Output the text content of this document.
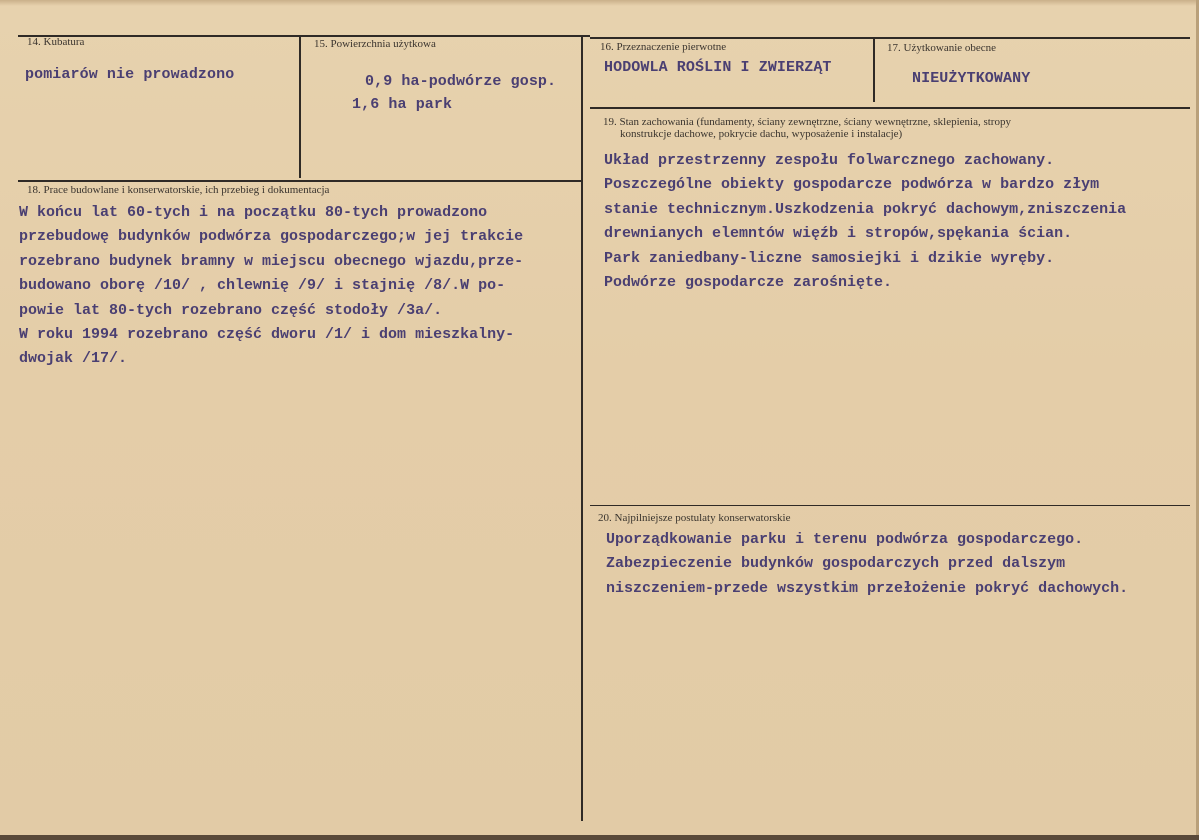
14. Kubatura
pomiarów nie prowadzono
15. Powierzchnia użytkowa
0,9 ha-podwórze gosp.
1,6 ha park
16. Przeznaczenie pierwotne
HODOWLA ROŚLIN I ZWIERZĄT
17. Użytkowanie obecne
NIEUŻYTKOWANY
18. Prace budowlane i konserwatorskie, ich przebieg i dokumentacja
W końcu lat 60-tych i na początku 80-tych prowadzono
przebudowę budynków podwórza gospodarczego;w jej trakcie
rozebrano budynek bramny w miejscu obecnego wjazdu,prze-
budowano oborę /10/ , chlewnię /9/ i stajnię /8/.W po-
powie lat 80-tych rozebrano część stodoły /3a/.
W roku 1994 rozebrano część dworu /1/ i dom mieszkalny-
dwojak /17/.
19. Stan zachowania (fundamenty, ściany zewnętrzne, ściany wewnętrzne, sklepienia, stropy
konstrukcje dachowe, pokrycie dachu, wyposażenie i instalacje)
Układ przestrzenny zespołu folwarcznego zachowany.
Poszczególne obiekty gospodarcze podwórza w bardzo złym
stanie technicznym.Uszkodzenia pokryć dachowym,zniszczenia
drewnianych elemntów więźb i stropów,spękania ścian.
Park zaniedbany-liczne samosiejki i dzikie wyręby.
Podwórze gospodarcze zarośnięte.
20. Najpilniejsze postulaty konserwatorskie
Uporządkowanie parku i terenu podwórza gospodarczego.
Zabezpieczenie budynków gospodarczych przed dalszym
niszczeniem-przede wszystkim przełożenie pokryć dachowych.
